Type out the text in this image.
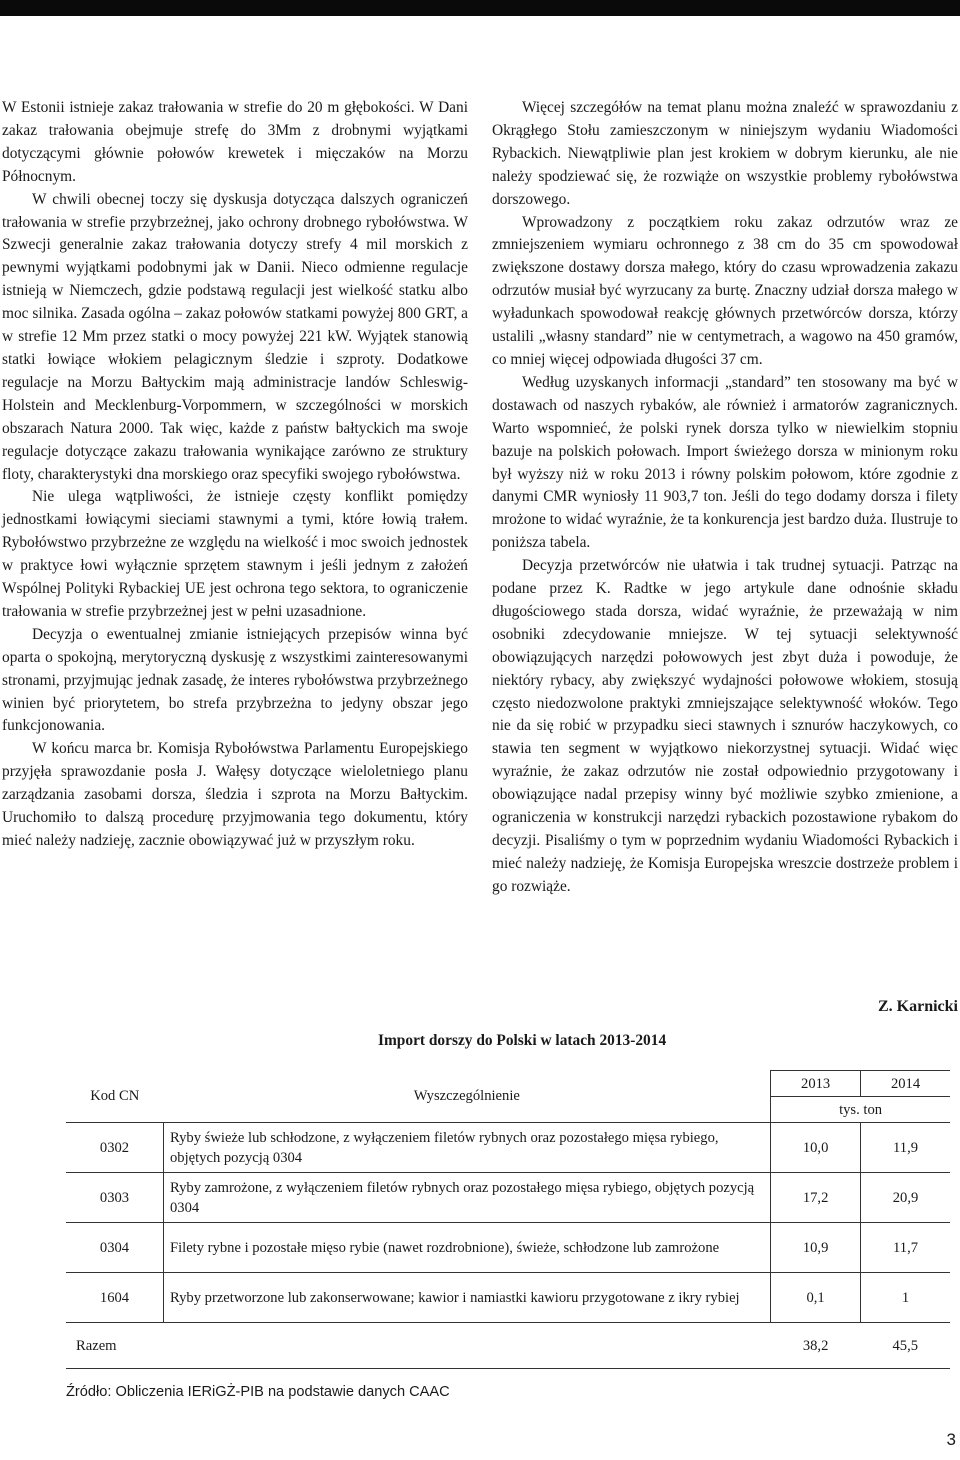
W Estonii istnieje zakaz trałowania w strefie do 20 m głębokości. W Dani zakaz trałowania obejmuje strefę do 3Mm z drobnymi wyjątkami dotyczącymi głównie połowów krewetek i mięczaków na Morzu Północnym.

W chwili obecnej toczy się dyskusja dotycząca dalszych ograniczeń trałowania w strefie przybrzeżnej, jako ochrony drobnego rybołówstwa. W Szwecji generalnie zakaz trałowania dotyczy strefy 4 mil morskich z pewnymi wyjątkami podobnymi jak w Danii. Nieco odmienne regulacje istnieją w Niemczech, gdzie podstawą regulacji jest wielkość statku albo moc silnika. Zasada ogólna – zakaz połowów statkami powyżej 800 GRT, a w strefie 12 Mm przez statki o mocy powyżej 221 kW. Wyjątek stanowią statki łowiące włokiem pelagicznym śledzie i szproty. Dodatkowe regulacje na Morzu Bałtyckim mają administracje landów Schleswig-Holstein and Mecklenburg-Vorpommern, w szczególności w morskich obszarach Natura 2000. Tak więc, każde z państw bałtyckich ma swoje regulacje dotyczące zakazu trałowania wynikające zarówno ze struktury floty, charakterystyki dna morskiego oraz specyfiki swojego rybołówstwa.

Nie ulega wątpliwości, że istnieje częsty konflikt pomiędzy jednostkami łowiącymi sieciami stawnymi a tymi, które łowią trałem. Rybołówstwo przybrzeżne ze względu na wielkość i moc swoich jednostek w praktyce łowi wyłącznie sprzętem stawnym i jeśli jednym z założeń Wspólnej Polityki Rybackiej UE jest ochrona tego sektora, to ograniczenie trałowania w strefie przybrzeżnej jest w pełni uzasadnione.

Decyzja o ewentualnej zmianie istniejących przepisów winna być oparta o spokojną, merytoryczną dyskusję z wszystkimi zainteresowanymi stronami, przyjmując jednak zasadę, że interes rybołówstwa przybrzeżnego winien być priorytetem, bo strefa przybrzeżna to jedyny obszar jego funkcjonowania.

W końcu marca br. Komisja Rybołówstwa Parlamentu Europejskiego przyjęła sprawozdanie posła J. Wałęsy dotyczące wieloletniego planu zarządzania zasobami dorsza, śledzia i szprota na Morzu Bałtyckim. Uruchomiło to dalszą procedurę przyjmowania tego dokumentu, który mieć należy nadzieję, zacznie obowiązywać już w przyszłym roku.

Więcej szczegółów na temat planu można znaleźć w sprawozdaniu z Okrągłego Stołu zamieszczonym w niniejszym wydaniu Wiadomości Rybackich. Niewątpliwie plan jest krokiem w dobrym kierunku, ale nie należy spodziewać się, że rozwiąże on wszystkie problemy rybołówstwa dorszowego.

Wprowadzony z początkiem roku zakaz odrzutów wraz ze zmniejszeniem wymiaru ochronnego z 38 cm do 35 cm spowodował zwiększone dostawy dorsza małego, który do czasu wprowadzenia zakazu odrzutów musiał być wyrzucany za burtę. Znaczny udział dorsza małego w wyładunkach spowodował reakcję głównych przetwórców dorsza, którzy ustalili „własny standard” nie w centymetrach, a wagowo na 450 gramów, co mniej więcej odpowiada długości 37 cm.

Według uzyskanych informacji „standard” ten stosowany ma być w dostawach od naszych rybaków, ale również i armatorów zagranicznych. Warto wspomnieć, że polski rynek dorsza tylko w niewielkim stopniu bazuje na polskich połowach. Import świeżego dorsza w minionym roku był wyższy niż w roku 2013 i równy polskim połowom, które zgodnie z danymi CMR wyniosły 11 903,7 ton. Jeśli do tego dodamy dorsza i filety mrożone to widać wyraźnie, że ta konkurencja jest bardzo duża. Ilustruje to poniższa tabela.

Decyzja przetwórców nie ułatwia i tak trudnej sytuacji. Patrząc na podane przez K. Radtke w jego artykule dane odnośnie składu długościowego stada dorsza, widać wyraźnie, że przeważają w nim osobniki zdecydowanie mniejsze. W tej sytuacji selektywność obowiązujących narzędzi połowowych jest zbyt duża i powoduje, że niektóry rybacy, aby zwiększyć wydajności połowowe włokiem, stosują często niedozwolone praktyki zmniejszające selektywność włoków. Tego nie da się robić w przypadku sieci stawnych i sznurów haczykowych, co stawia ten segment w wyjątkowo niekorzystnej sytuacji. Widać więc wyraźnie, że zakaz odrzutów nie został odpowiednio przygotowany i obowiązujące nadal przepisy winny być możliwie szybko zmienione, a ograniczenia w konstrukcji narzędzi rybackich pozostawione rybakom do decyzji. Pisaliśmy o tym w poprzednim wydaniu Wiadomości Rybackich i mieć należy nadzieję, że Komisja Europejska wreszcie dostrzeże problem i go rozwiąże.

Z. Karnicki
Import dorszy do Polski w latach 2013-2014
Kod CN	Wyszczególnienie	2013	2014
		tys. ton	
0302	Ryby świeże lub schłodzone, z wyłączeniem filetów rybnych oraz pozostałego mięsa rybiego, objętych pozycją 0304	10,0	11,9
0303	Ryby zamrożone, z wyłączeniem filetów rybnych oraz pozostałego mięsa rybiego, objętych pozycją 0304	17,2	20,9
0304	Filety rybne i pozostałe mięso rybie (nawet rozdrobnione), świeże, schłodzone lub zamrożone	10,9	11,7
1604	Ryby przetworzone lub zakonserwowane; kawior i namiastki kawioru przygotowane z ikry rybiej	0,1	1
Razem		38,2	45,5
Źródło: Obliczenia IERiGŻ-PIB na podstawie danych CAAC
3
